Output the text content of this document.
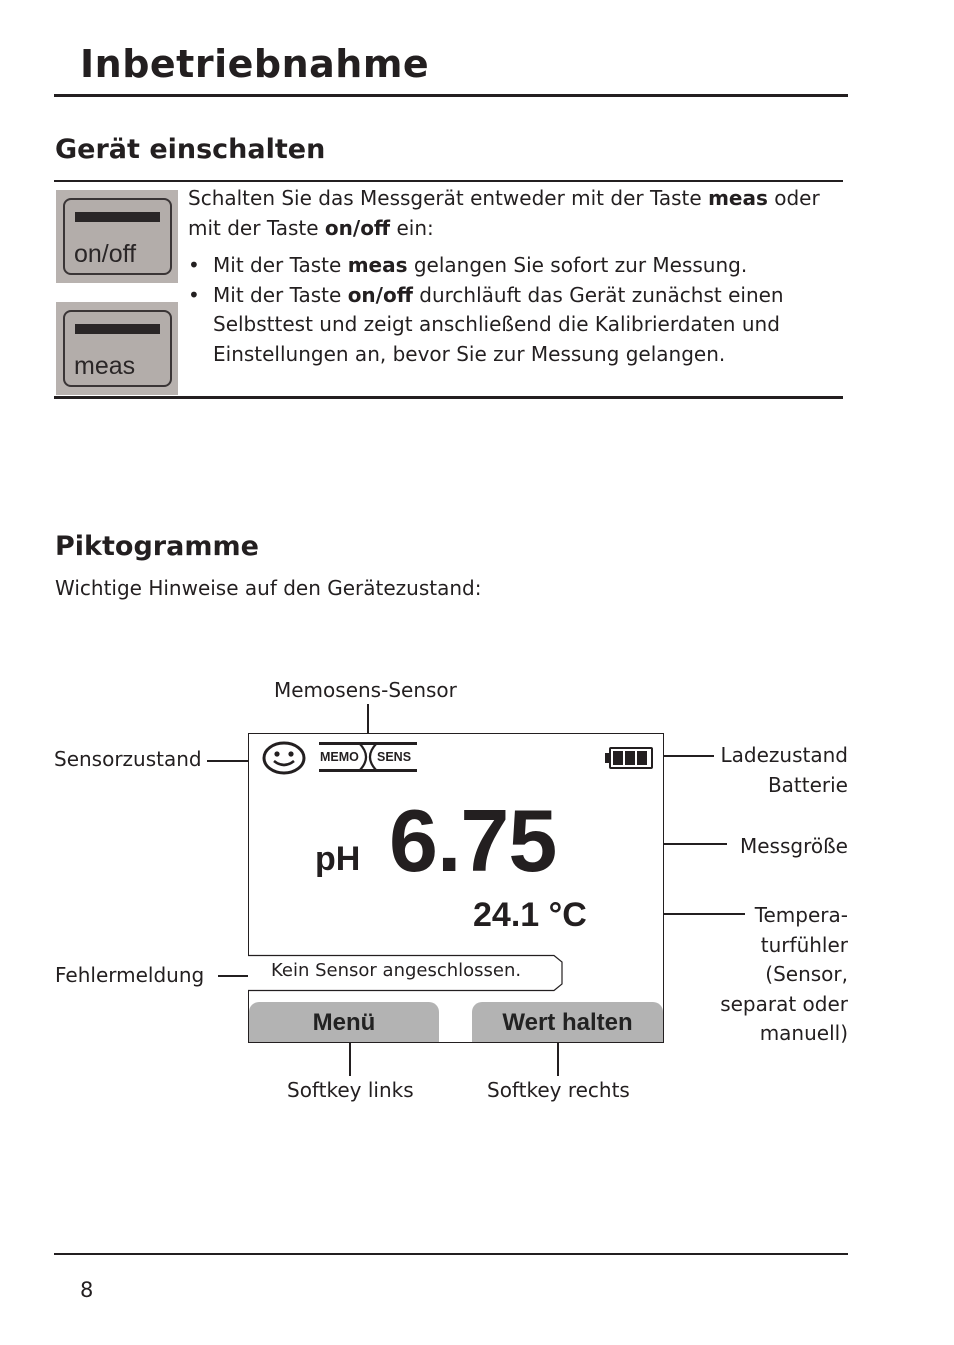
Inbetriebnahme
Gerät einschalten
on/off
meas
Schalten Sie das Messgerät entweder mit der Taste meas oder mit der Taste on/off ein:
• Mit der Taste meas gelangen Sie sofort zur Messung.
• Mit der Taste on/off durchläuft das Gerät zunächst einen Selbsttest und zeigt anschließend die Kalibrierdaten und Einstellungen an, bevor Sie zur Messung gelangen.
Piktogramme
Wichtige Hinweise auf den Gerätezustand:
Memosens-Sensor
Sensorzustand	Ladezustand
Batterie
Messgröße
Tempera-
turfühler
(Sensor,
separat oder
manuell)
Fehlermeldung
Softkey links	Softkey rechts
MEMO SENS
pH 6.75
24.1 °C
Kein Sensor angeschlossen.
Menü	Wert halten
8
